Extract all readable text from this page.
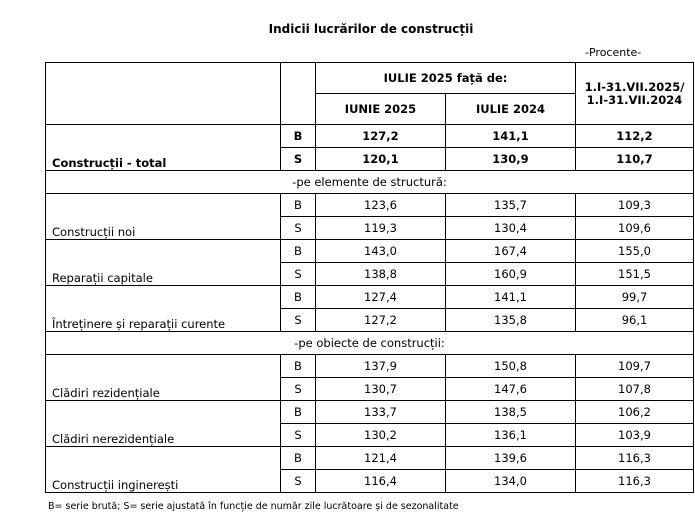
Indicii lucrărilor de construcții
-Procente-
		IULIE 2025 față de:		1.I-31.VII.2025/
1.I-31.VII.2024
		IUNIE 2025	IULIE 2024	
Construcții - total	B	127,2	141,1	112,2
	S	120,1	130,9	110,7
-pe elemente de structură:				
Construcții noi	B	123,6	135,7	109,3
	S	119,3	130,4	109,6
Reparații capitale	B	143,0	167,4	155,0
	S	138,8	160,9	151,5
Întreținere și reparații curente	B	127,4	141,1	99,7
	S	127,2	135,8	96,1
-pe obiecte de construcții:				
Clădiri rezidențiale	B	137,9	150,8	109,7
	S	130,7	147,6	107,8
Clădiri nerezidențiale	B	133,7	138,5	106,2
	S	130,2	136,1	103,9
Construcții inginerești	B	121,4	139,6	116,3
	S	116,4	134,0	116,3
B= serie brută; S= serie ajustată în funcție de număr zile lucrătoare și de sezonalitate
